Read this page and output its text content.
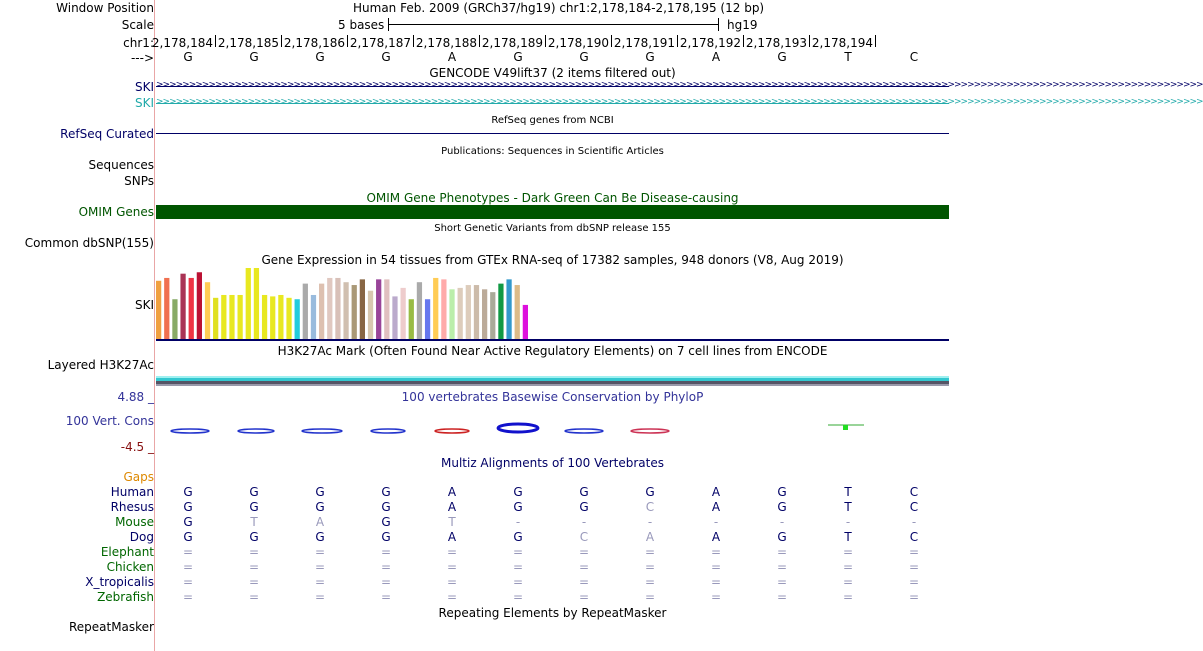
Window Position	Human Feb. 2009 (GRCh37/hg19) chr1:2,178,184-2,178,195 (12 bp)
Scale	5 bases	hg19
chr1:
2,178,184 2,178,185 2,178,186 2,178,187 2,178,188 2,178,189 2,178,190 2,178,191 2,178,192 2,178,193 2,178,194
---> G	G	G	G	A	G	G	G	A	G	T	C
GENCODE V49lift37 (2 items filtered out)
SKI
SKI
>>>>>>>>>>>>>>>>>>>>>>>>>>>>>>>>>>>>>>>>>>>>>>>>>>>>>>>>>>>>>>>>>>>>>>>>>>>>>>>>>>>>>>>>>>>>>>>>>>>>>>>>>>>>>>>>>>>>>>>>>>>>>>>>>>>>>>>>>>>>>>>>>>>>>>>>>>>>>>>>
>>>>>>>>>>>>>>>>>>>>>>>>>>>>>>>>>>>>>>>>>>>>>>>>>>>>>>>>>>>>>>>>>>>>>>>>>>>>>>>>>>>>>>>>>>>>>>>>>>>>>>>>>>>>>>>>>>>>>>>>>>>>>>>>>>>>>>>>>>>>>>>>>>>>>>>>>>>>>>>>
RefSeq genes from NCBI
RefSeq Curated
Publications: Sequences in Scientific Articles
Sequences
SNPs
OMIM Gene Phenotypes - Dark Green Can Be Disease-causing
OMIM Genes
Short Genetic Variants from dbSNP release 155
Common dbSNP(155)
Gene Expression in 54 tissues from GTEx RNA-seq of 17382 samples, 948 donors (V8, Aug 2019)
SKI
H3K27Ac Mark (Often Found Near Active Regulatory Elements) on 7 cell lines from ENCODE
Layered H3K27Ac
100 vertebrates Basewise Conservation by PhyloP
4.88 _
100 Vert. Cons
-4.5 _
Multiz Alignments of 100 Vertebrates
Gaps
Human G	G	G	G	A	G	G	G	A	G	T	C
Rhesus G	G	G	G	A	G	G	C	A	G	T	C
Mouse G	T	A	G	T	-	-	-	-	-	-	-
Dog G	G	G	G	A	G	C	A	A	G	T	C
Elephant =	=	=	=	=	=	=	=	=	=	=	=
Chicken =	=	=	=	=	=	=	=	=	=	=	=
X_tropicalis =	=	=	=	=	=	=	=	=	=	=	=
Zebrafish =	=	=	=	=	=	=	=	=	=	=	=
Repeating Elements by RepeatMasker
RepeatMasker
